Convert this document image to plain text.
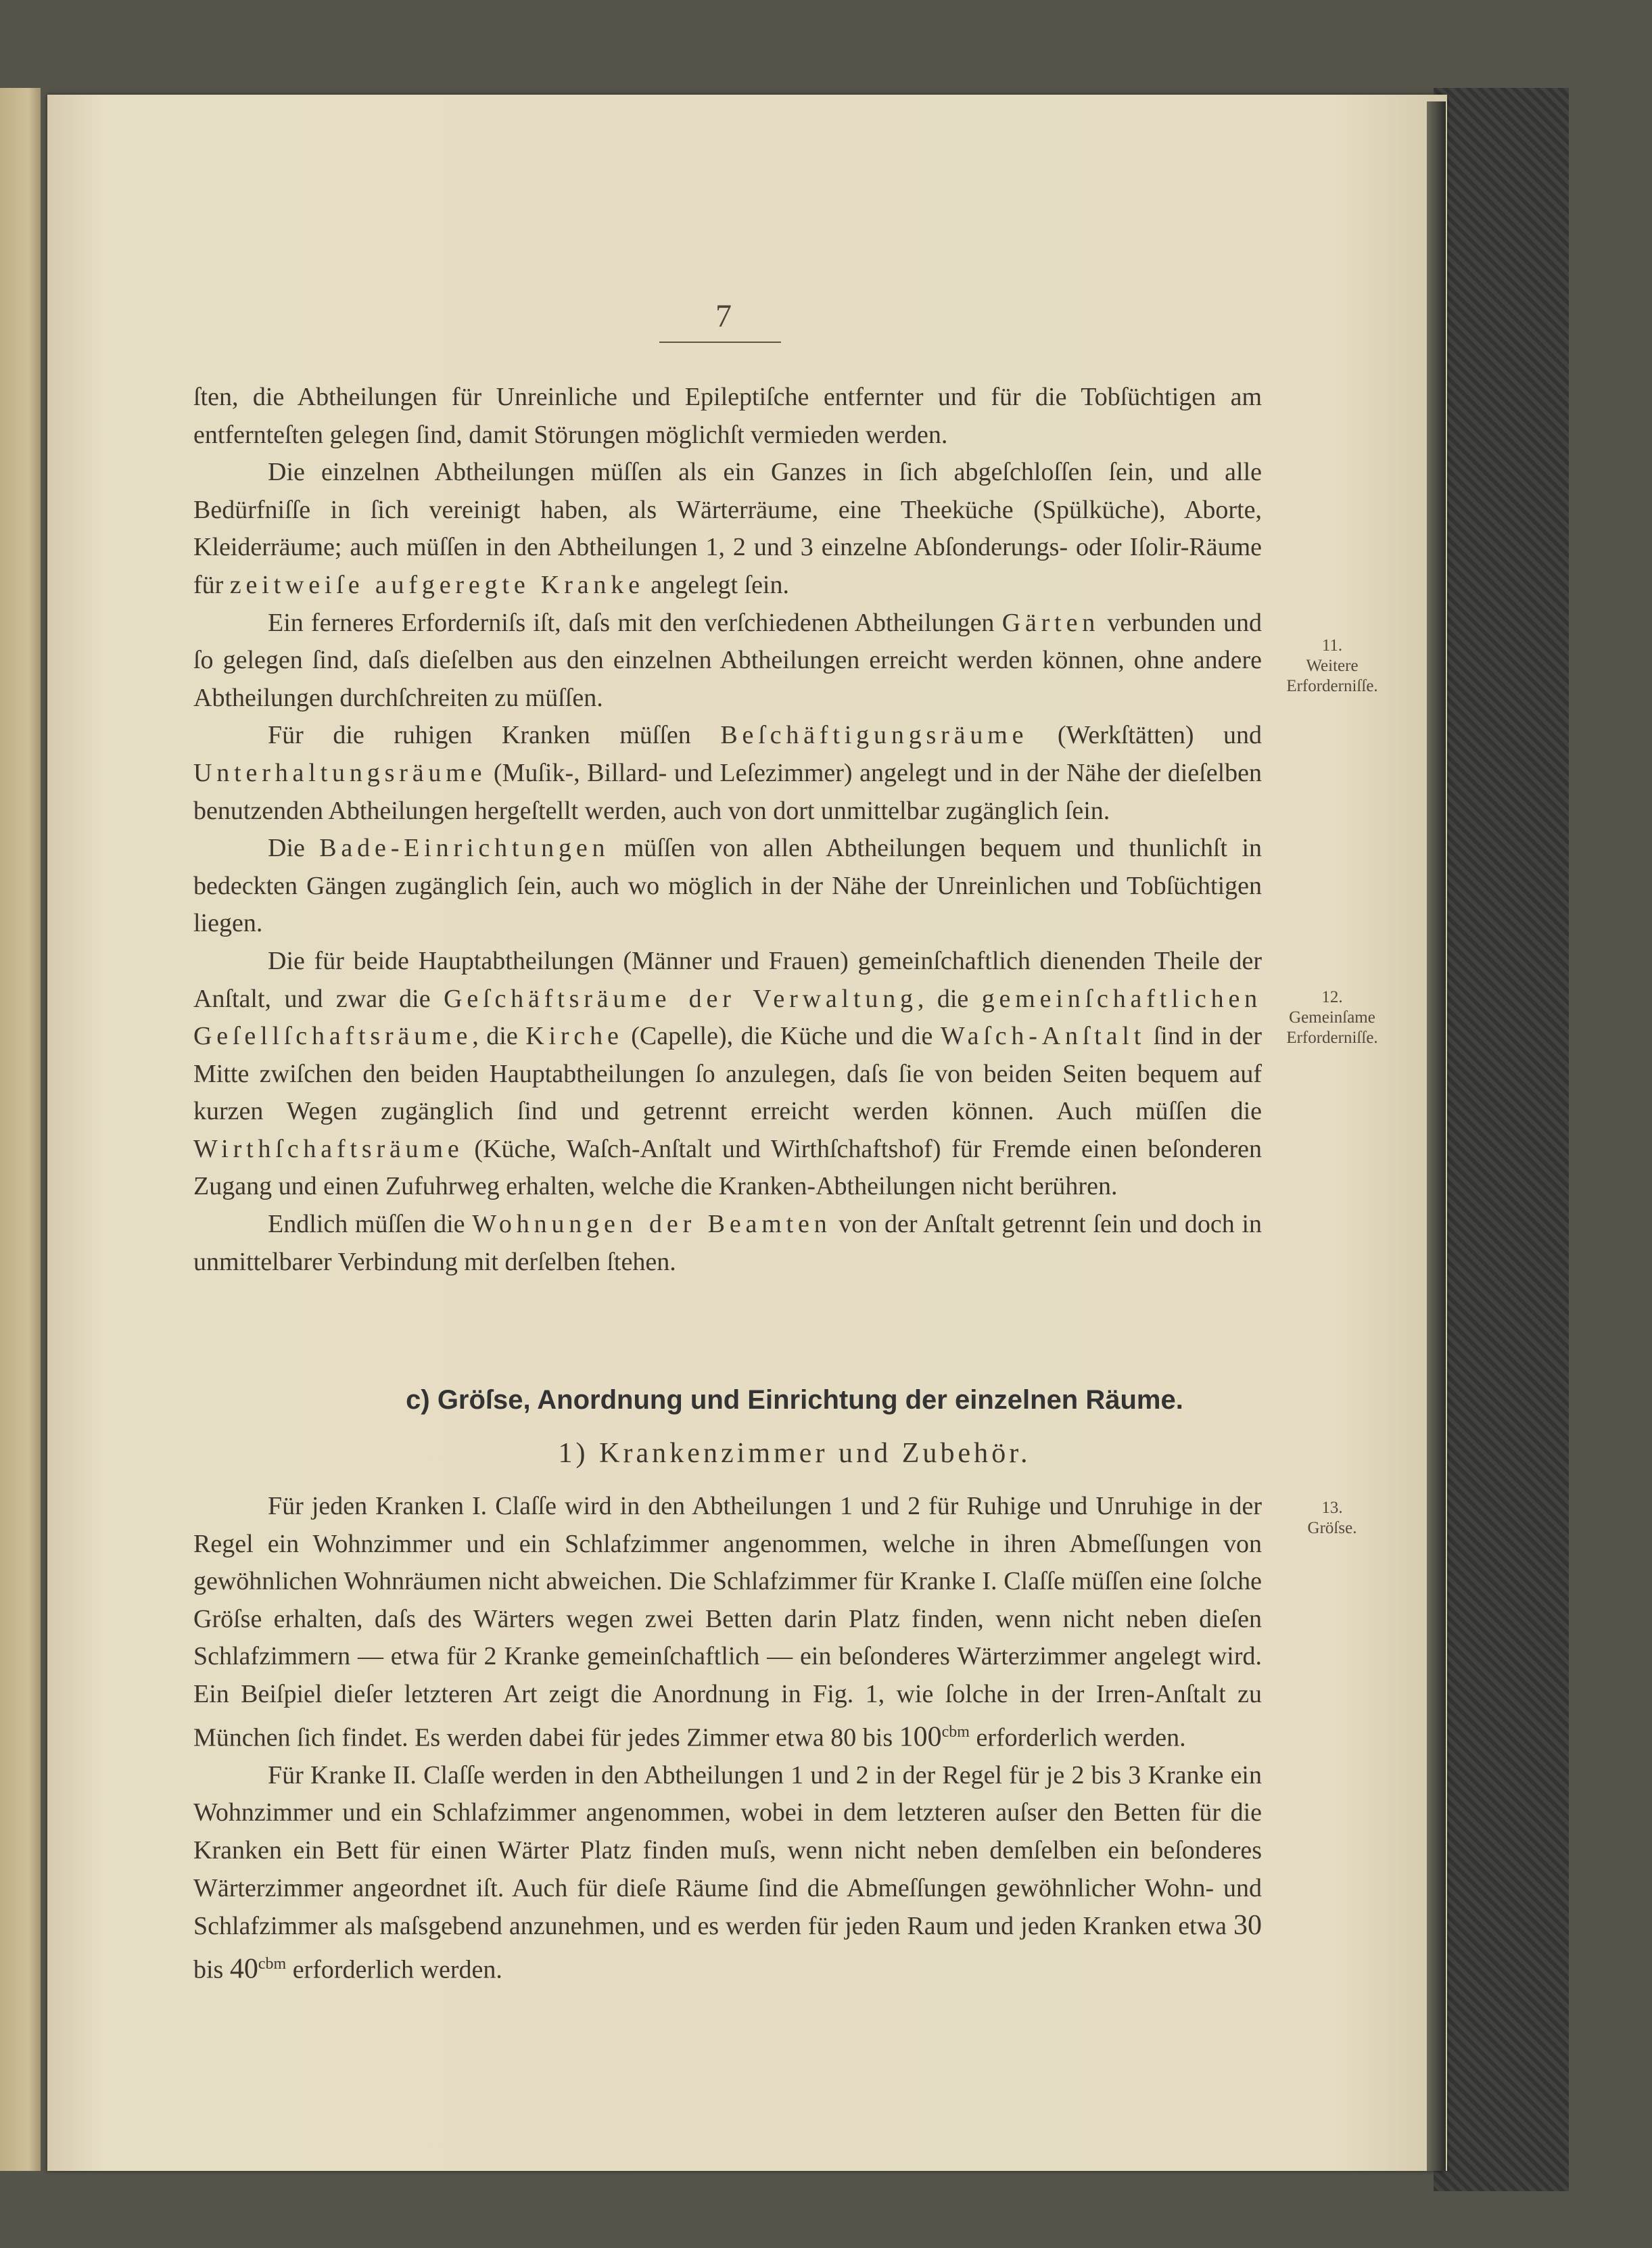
7

ſten, die Abtheilungen für Unreinliche und Epileptiſche entfernter und für die Tobſüchtigen am entfernteſten gelegen ſind, damit Störungen möglichſt vermieden werden.

Die einzelnen Abtheilungen müſſen als ein Ganzes in ſich abgeſchloſſen ſein, und alle Bedürfniſſe in ſich vereinigt haben, als Wärterräume, eine Theeküche (Spülküche), Aborte, Kleiderräume; auch müſſen in den Abtheilungen 1, 2 und 3 einzelne Abſonderungs- oder Iſolir-Räume für zeitweiſe aufgeregte Kranke angelegt ſein.

Ein ferneres Erforderniſs iſt, daſs mit den verſchiedenen Abtheilungen Gärten verbunden und ſo gelegen ſind, daſs dieſelben aus den einzelnen Abtheilungen erreicht werden können, ohne andere Abtheilungen durchſchreiten zu müſſen.

Für die ruhigen Kranken müſſen Beſchäftigungsräume (Werkſtätten) und Unterhaltungsräume (Muſik-, Billard- und Leſezimmer) angelegt und in der Nähe der dieſelben benutzenden Abtheilungen hergeſtellt werden, auch von dort unmittelbar zugänglich ſein.

Die Bade-Einrichtungen müſſen von allen Abtheilungen bequem und thunlichſt in bedeckten Gängen zugänglich ſein, auch wo möglich in der Nähe der Unreinlichen und Tobſüchtigen liegen.

Die für beide Hauptabtheilungen (Männer und Frauen) gemeinſchaftlich dienenden Theile der Anſtalt, und zwar die Geſchäftsräume der Verwaltung, die gemeinſchaftlichen Geſellſchaftsräume, die Kirche (Capelle), die Küche und die Waſch-Anſtalt ſind in der Mitte zwiſchen den beiden Hauptabtheilungen ſo anzulegen, daſs ſie von beiden Seiten bequem auf kurzen Wegen zugänglich ſind und getrennt erreicht werden können. Auch müſſen die Wirthſchaftsräume (Küche, Waſch-Anſtalt und Wirthſchaftshof) für Fremde einen beſonderen Zugang und einen Zufuhrweg erhalten, welche die Kranken-Abtheilungen nicht berühren.

Endlich müſſen die Wohnungen der Beamten von der Anſtalt getrennt ſein und doch in unmittelbarer Verbindung mit derſelben ſtehen.

c) Gröſse, Anordnung und Einrichtung der einzelnen Räume.
1) Krankenzimmer und Zubehör.

Für jeden Kranken I. Claſſe wird in den Abtheilungen 1 und 2 für Ruhige und Unruhige in der Regel ein Wohnzimmer und ein Schlafzimmer angenommen, welche in ihren Abmeſſungen von gewöhnlichen Wohnräumen nicht abweichen. Die Schlafzimmer für Kranke I. Claſſe müſſen eine ſolche Gröſse erhalten, daſs des Wärters wegen zwei Betten darin Platz finden, wenn nicht neben dieſen Schlafzimmern — etwa für 2 Kranke gemeinſchaftlich — ein beſonderes Wärterzimmer angelegt wird. Ein Beiſpiel dieſer letzteren Art zeigt die Anordnung in Fig. 1, wie ſolche in der Irren-Anſtalt zu München ſich findet. Es werden dabei für jedes Zimmer etwa 80 bis $100^{cbm}$ erforderlich werden.

Für Kranke II. Claſſe werden in den Abtheilungen 1 und 2 in der Regel für je 2 bis 3 Kranke ein Wohnzimmer und ein Schlafzimmer angenommen, wobei in dem letzteren auſser den Betten für die Kranken ein Bett für einen Wärter Platz finden muſs, wenn nicht neben demſelben ein beſonderes Wärterzimmer angeordnet iſt. Auch für dieſe Räume ſind die Abmeſſungen gewöhnlicher Wohn- und Schlafzimmer als maſsgebend anzunehmen, und es werden für jeden Raum und jeden Kranken etwa 30 bis $40^{cbm}$ erforderlich werden.

11.
Weitere
Erforderniſſe.
12.
Gemeinſame
Erforderniſſe.
13.
Gröſse.
